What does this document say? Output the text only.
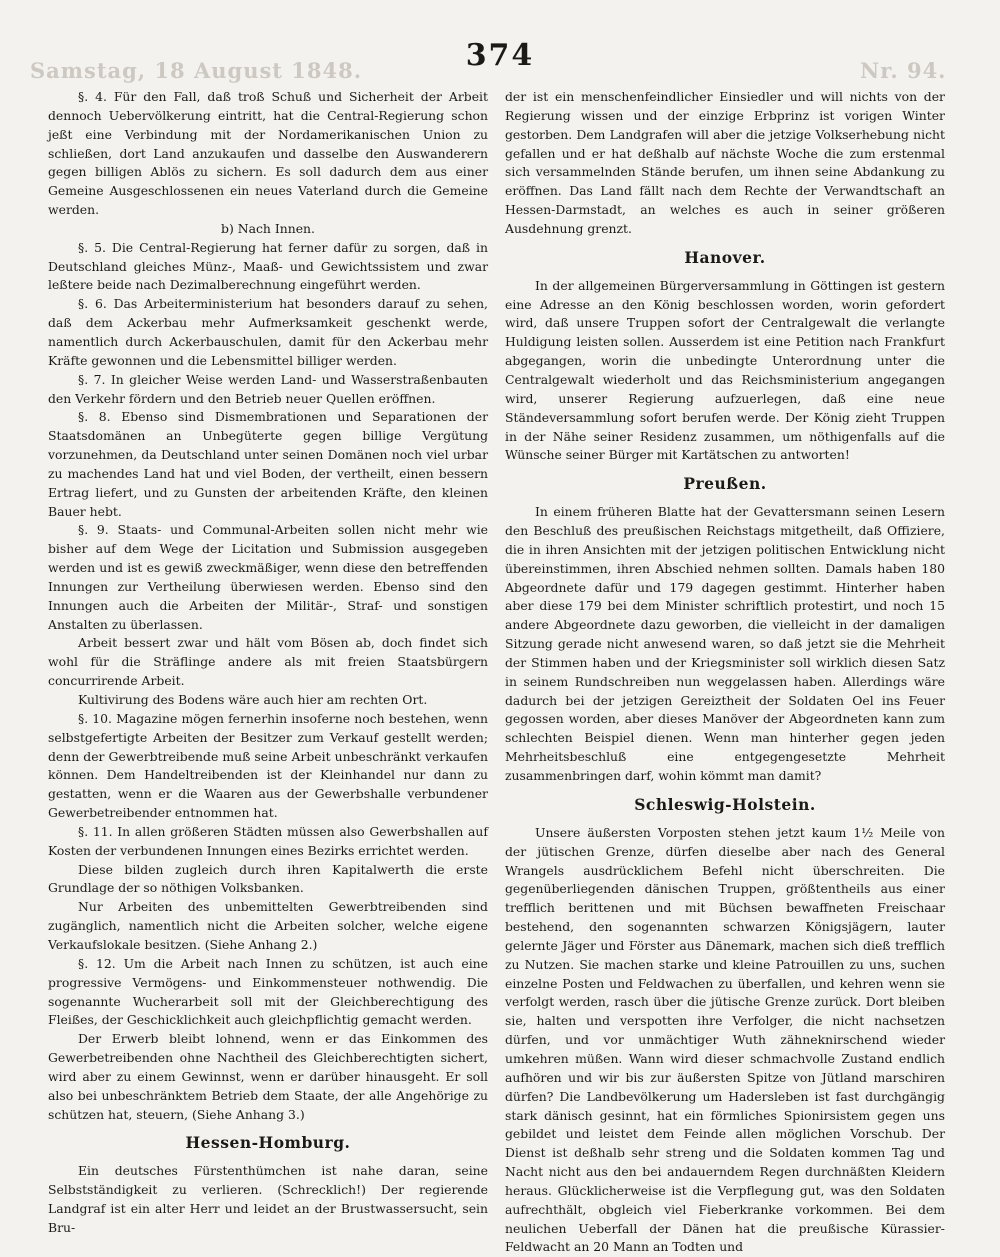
Samstag, 18 August 1848.	Nr. 94.
374

§. 4. Für den Fall, daß troß Schuß und Sicherheit der Arbeit dennoch Uebervölkerung eintritt, hat die Central-Regierung schon jeßt eine Verbindung mit der Nordamerikanischen Union zu schließen, dort Land anzukaufen und dasselbe den Auswanderern gegen billigen Ablös zu sichern. Es soll dadurch dem aus einer Gemeine Ausgeschlossenen ein neues Vaterland durch die Gemeine werden.

b) Nach Innen.

§. 5. Die Central-Regierung hat ferner dafür zu sorgen, daß in Deutschland gleiches Münz-, Maaß- und Gewichtssistem und zwar leßtere beide nach Dezimalberechnung eingeführt werden.

§. 6. Das Arbeiterministerium hat besonders darauf zu sehen, daß dem Ackerbau mehr Aufmerksamkeit geschenkt werde, namentlich durch Ackerbauschulen, damit für den Ackerbau mehr Kräfte gewonnen und die Lebensmittel billiger werden.

§. 7. In gleicher Weise werden Land- und Wasserstraßenbauten den Verkehr fördern und den Betrieb neuer Quellen eröffnen.

§. 8. Ebenso sind Dismembrationen und Separationen der Staatsdomänen an Unbegüterte gegen billige Vergütung vorzunehmen, da Deutschland unter seinen Domänen noch viel urbar zu machendes Land hat und viel Boden, der vertheilt, einen bessern Ertrag liefert, und zu Gunsten der arbeitenden Kräfte, den kleinen Bauer hebt.

§. 9. Staats- und Communal-Arbeiten sollen nicht mehr wie bisher auf dem Wege der Licitation und Submission ausgegeben werden und ist es gewiß zweckmäßiger, wenn diese den betreffenden Innungen zur Vertheilung überwiesen werden. Ebenso sind den Innungen auch die Arbeiten der Militär-, Straf- und sonstigen Anstalten zu überlassen.

Arbeit bessert zwar und hält vom Bösen ab, doch findet sich wohl für die Sträflinge andere als mit freien Staatsbürgern concurrirende Arbeit.

Kultivirung des Bodens wäre auch hier am rechten Ort.

§. 10. Magazine mögen fernerhin insoferne noch bestehen, wenn selbstgefertigte Arbeiten der Besitzer zum Verkauf gestellt werden; denn der Gewerbtreibende muß seine Arbeit unbeschränkt verkaufen können. Dem Handeltreibenden ist der Kleinhandel nur dann zu gestatten, wenn er die Waaren aus der Gewerbshalle verbundener Gewerbetreibender entnommen hat.

§. 11. In allen größeren Städten müssen also Gewerbshallen auf Kosten der verbundenen Innungen eines Bezirks errichtet werden.

Diese bilden zugleich durch ihren Kapitalwerth die erste Grundlage der so nöthigen Volksbanken.

Nur Arbeiten des unbemittelten Gewerbtreibenden sind zugänglich, namentlich nicht die Arbeiten solcher, welche eigene Verkaufslokale besitzen. (Siehe Anhang 2.)

§. 12. Um die Arbeit nach Innen zu schützen, ist auch eine progressive Vermögens- und Einkommensteuer nothwendig. Die sogenannte Wucherarbeit soll mit der Gleichberechtigung des Fleißes, der Geschicklichkeit auch gleichpflichtig gemacht werden.

Der Erwerb bleibt lohnend, wenn er das Einkommen des Gewerbetreibenden ohne Nachtheil des Gleichberechtigten sichert, wird aber zu einem Gewinnst, wenn er darüber hinausgeht. Er soll also bei unbeschränktem Betrieb dem Staate, der alle Angehörige zu schützen hat, steuern, (Siehe Anhang 3.)

Hessen-Homburg.

Ein deutsches Fürstenthümchen ist nahe daran, seine Selbstständigkeit zu verlieren. (Schrecklich!) Der regierende Landgraf ist ein alter Herr und leidet an der Brustwassersucht, sein Bru-

der ist ein menschenfeindlicher Einsiedler und will nichts von der Regierung wissen und der einzige Erbprinz ist vorigen Winter gestorben. Dem Landgrafen will aber die jetzige Volkserhebung nicht gefallen und er hat deßhalb auf nächste Woche die zum erstenmal sich versammelnden Stände berufen, um ihnen seine Abdankung zu eröffnen. Das Land fällt nach dem Rechte der Verwandtschaft an Hessen-Darmstadt, an welches es auch in seiner größeren Ausdehnung grenzt.

Hanover.

In der allgemeinen Bürgerversammlung in Göttingen ist gestern eine Adresse an den König beschlossen worden, worin gefordert wird, daß unsere Truppen sofort der Centralgewalt die verlangte Huldigung leisten sollen. Ausserdem ist eine Petition nach Frankfurt abgegangen, worin die unbedingte Unterordnung unter die Centralgewalt wiederholt und das Reichsministerium angegangen wird, unserer Regierung aufzuerlegen, daß eine neue Ständeversammlung sofort berufen werde. Der König zieht Truppen in der Nähe seiner Residenz zusammen, um nöthigenfalls auf die Wünsche seiner Bürger mit Kartätschen zu antworten!

Preußen.

In einem früheren Blatte hat der Gevattersmann seinen Lesern den Beschluß des preußischen Reichstags mitgetheilt, daß Offiziere, die in ihren Ansichten mit der jetzigen politischen Entwicklung nicht übereinstimmen, ihren Abschied nehmen sollten. Damals haben 180 Abgeordnete dafür und 179 dagegen gestimmt. Hinterher haben aber diese 179 bei dem Minister schriftlich protestirt, und noch 15 andere Abgeordnete dazu geworben, die vielleicht in der damaligen Sitzung gerade nicht anwesend waren, so daß jetzt sie die Mehrheit der Stimmen haben und der Kriegsminister soll wirklich diesen Satz in seinem Rundschreiben nun weggelassen haben. Allerdings wäre dadurch bei der jetzigen Gereiztheit der Soldaten Oel ins Feuer gegossen worden, aber dieses Manöver der Abgeordneten kann zum schlechten Beispiel dienen. Wenn man hinterher gegen jeden Mehrheitsbeschluß eine entgegengesetzte Mehrheit zusammenbringen darf, wohin kömmt man damit?

Schleswig-Holstein.

Unsere äußersten Vorposten stehen jetzt kaum 1½ Meile von der jütischen Grenze, dürfen dieselbe aber nach des General Wrangels ausdrücklichem Befehl nicht überschreiten. Die gegenüberliegenden dänischen Truppen, größtentheils aus einer trefflich berittenen und mit Büchsen bewaffneten Freischaar bestehend, den sogenannten schwarzen Königsjägern, lauter gelernte Jäger und Förster aus Dänemark, machen sich dieß trefflich zu Nutzen. Sie machen starke und kleine Patrouillen zu uns, suchen einzelne Posten und Feldwachen zu überfallen, und kehren wenn sie verfolgt werden, rasch über die jütische Grenze zurück. Dort bleiben sie, halten und verspotten ihre Verfolger, die nicht nachsetzen dürfen, und vor unmächtiger Wuth zähneknirschend wieder umkehren müßen. Wann wird dieser schmachvolle Zustand endlich aufhören und wir bis zur äußersten Spitze von Jütland marschiren dürfen? Die Landbevölkerung um Hadersleben ist fast durchgängig stark dänisch gesinnt, hat ein förmliches Spionirsistem gegen uns gebildet und leistet dem Feinde allen möglichen Vorschub. Der Dienst ist deßhalb sehr streng und die Soldaten kommen Tag und Nacht nicht aus den bei andauerndem Regen durchnäßten Kleidern heraus. Glücklicherweise ist die Verpflegung gut, was den Soldaten aufrechthält, obgleich viel Fieberkranke vorkommen. Bei dem neulichen Ueberfall der Dänen hat die preußische Kürassier-Feldwacht an 20 Mann an Todten und
